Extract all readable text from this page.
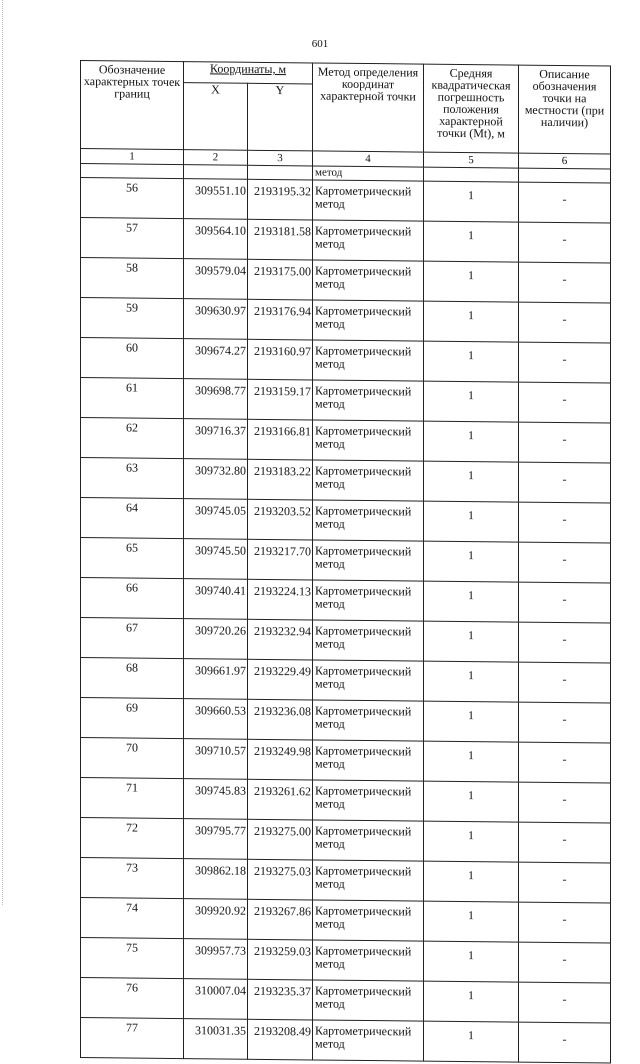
601
Обозначение характерных точек границ	Координаты, м		Метод определения координат характерной точки	Средняя квадратическая погрешность положения характерной точки (Mt), м	Описание обозначения точки на местности (при наличии)
	X	Y			
1	2	3	4	5	6
			метод		
56	309551.10	2193195.32	Картометрический метод	1	-
57	309564.10	2193181.58	Картометрический метод	1	-
58	309579.04	2193175.00	Картометрический метод	1	-
59	309630.97	2193176.94	Картометрический метод	1	-
60	309674.27	2193160.97	Картометрический метод	1	-
61	309698.77	2193159.17	Картометрический метод	1	-
62	309716.37	2193166.81	Картометрический метод	1	-
63	309732.80	2193183.22	Картометрический метод	1	-
64	309745.05	2193203.52	Картометрический метод	1	-
65	309745.50	2193217.70	Картометрический метод	1	-
66	309740.41	2193224.13	Картометрический метод	1	-
67	309720.26	2193232.94	Картометрический метод	1	-
68	309661.97	2193229.49	Картометрический метод	1	-
69	309660.53	2193236.08	Картометрический метод	1	-
70	309710.57	2193249.98	Картометрический метод	1	-
71	309745.83	2193261.62	Картометрический метод	1	-
72	309795.77	2193275.00	Картометрический метод	1	-
73	309862.18	2193275.03	Картометрический метод	1	-
74	309920.92	2193267.86	Картометрический метод	1	-
75	309957.73	2193259.03	Картометрический метод	1	-
76	310007.04	2193235.37	Картометрический метод	1	-
77	310031.35	2193208.49	Картометрический метод	1	-
